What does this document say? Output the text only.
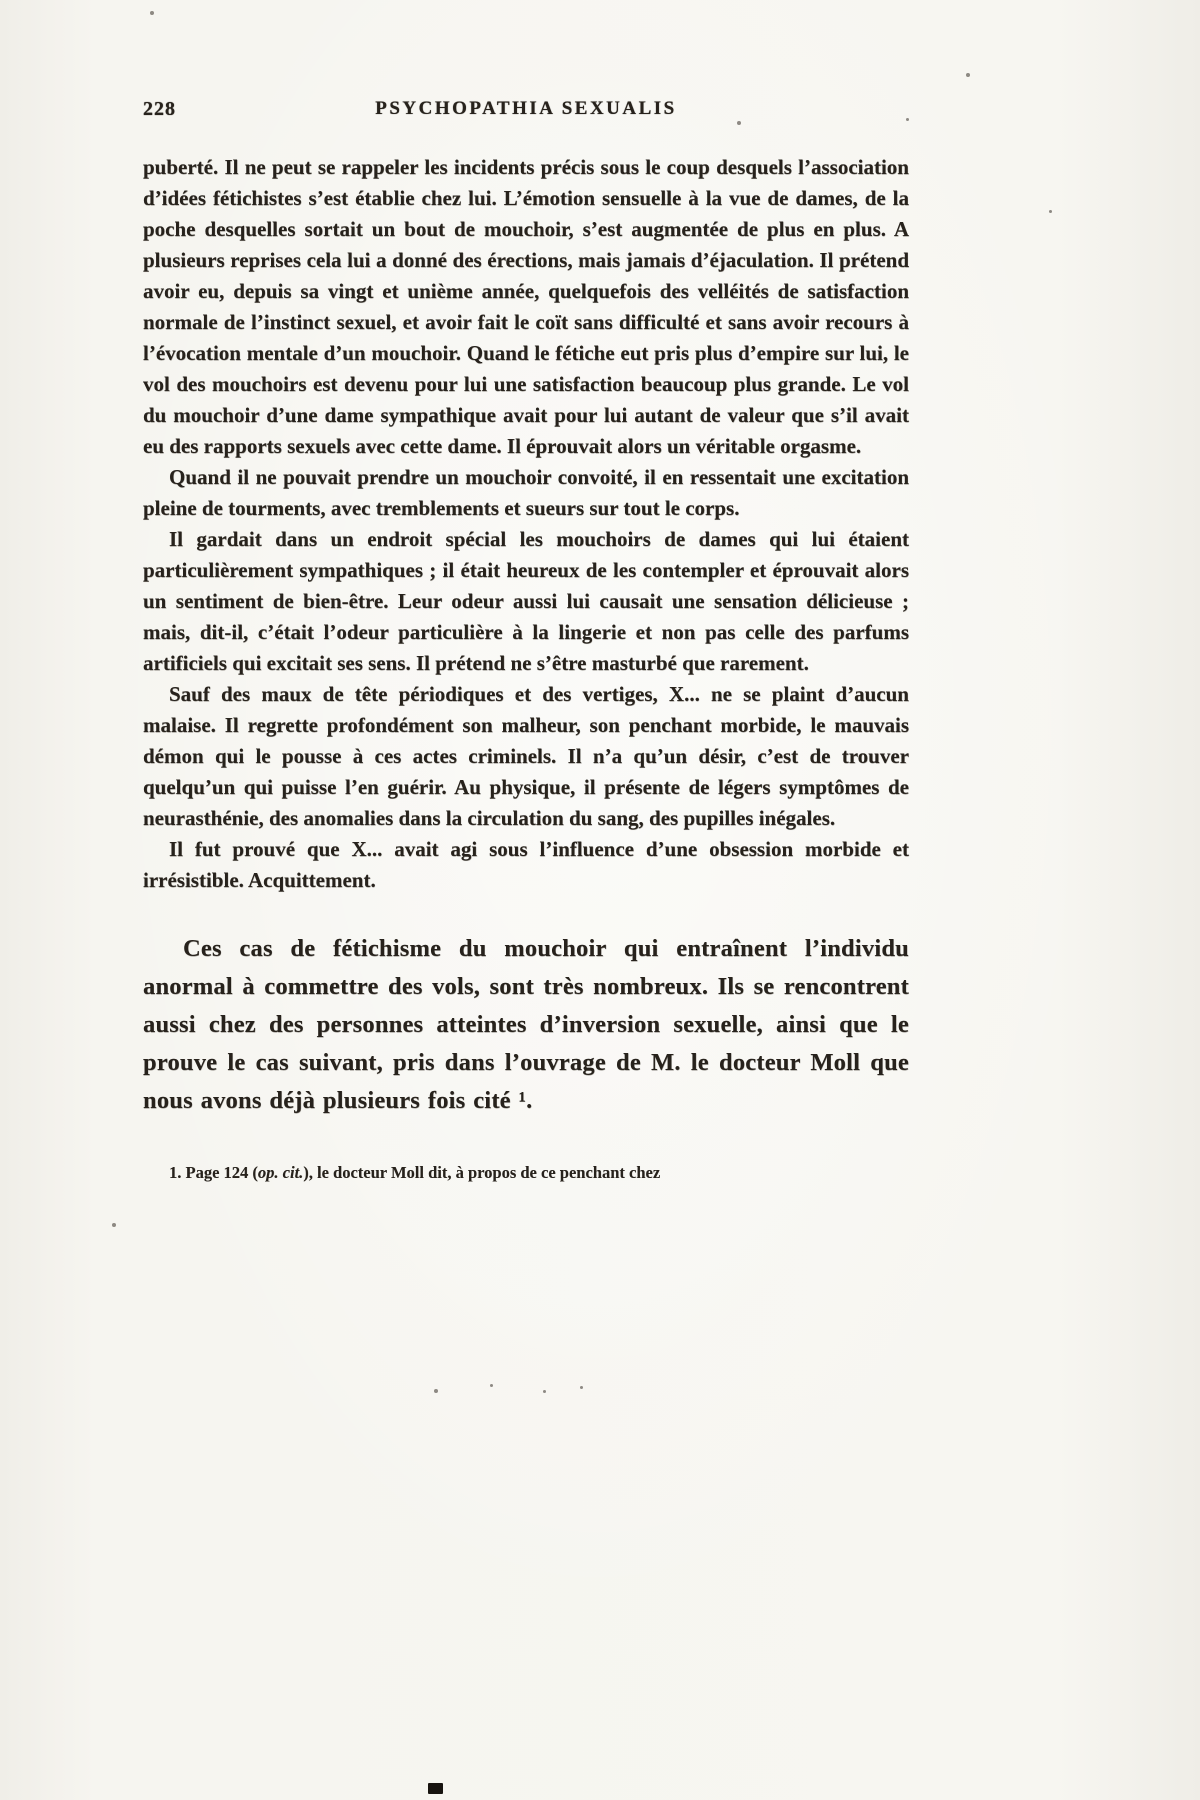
228	PSYCHOPATHIA SEXUALIS

puberté. Il ne peut se rappeler les incidents précis sous le coup desquels l’association d’idées fétichistes s’est établie chez lui. L’émotion sensuelle à la vue de dames, de la poche desquelles sortait un bout de mouchoir, s’est augmentée de plus en plus. A plusieurs reprises cela lui a donné des érections, mais jamais d’éjaculation. Il prétend avoir eu, depuis sa vingt et unième année, quelquefois des velléités de satisfaction normale de l’instinct sexuel, et avoir fait le coït sans difficulté et sans avoir recours à l’évocation mentale d’un mouchoir. Quand le fétiche eut pris plus d’empire sur lui, le vol des mouchoirs est devenu pour lui une satisfaction beaucoup plus grande. Le vol du mouchoir d’une dame sympathique avait pour lui autant de valeur que s’il avait eu des rapports sexuels avec cette dame. Il éprouvait alors un véritable orgasme.

Quand il ne pouvait prendre un mouchoir convoité, il en ressentait une excitation pleine de tourments, avec tremblements et sueurs sur tout le corps.

Il gardait dans un endroit spécial les mouchoirs de dames qui lui étaient particulièrement sympathiques ; il était heureux de les contempler et éprouvait alors un sentiment de bien-être. Leur odeur aussi lui causait une sensation délicieuse ; mais, dit-il, c’était l’odeur particulière à la lingerie et non pas celle des parfums artificiels qui excitait ses sens. Il prétend ne s’être masturbé que rarement.

Sauf des maux de tête périodiques et des vertiges, X... ne se plaint d’aucun malaise. Il regrette profondément son malheur, son penchant morbide, le mauvais démon qui le pousse à ces actes criminels. Il n’a qu’un désir, c’est de trouver quelqu’un qui puisse l’en guérir. Au physique, il présente de légers symptômes de neurasthénie, des anomalies dans la circulation du sang, des pupilles inégales.

Il fut prouvé que X... avait agi sous l’influence d’une obsession morbide et irrésistible. Acquittement.

Ces cas de fétichisme du mouchoir qui entraînent l’individu anormal à commettre des vols, sont très nombreux. Ils se rencontrent aussi chez des personnes atteintes d’inversion sexuelle, ainsi que le prouve le cas suivant, pris dans l’ouvrage de M. le docteur Moll que nous avons déjà plusieurs fois cité ¹.

1. Page 124 (op. cit.), le docteur Moll dit, à propos de ce penchant chez
